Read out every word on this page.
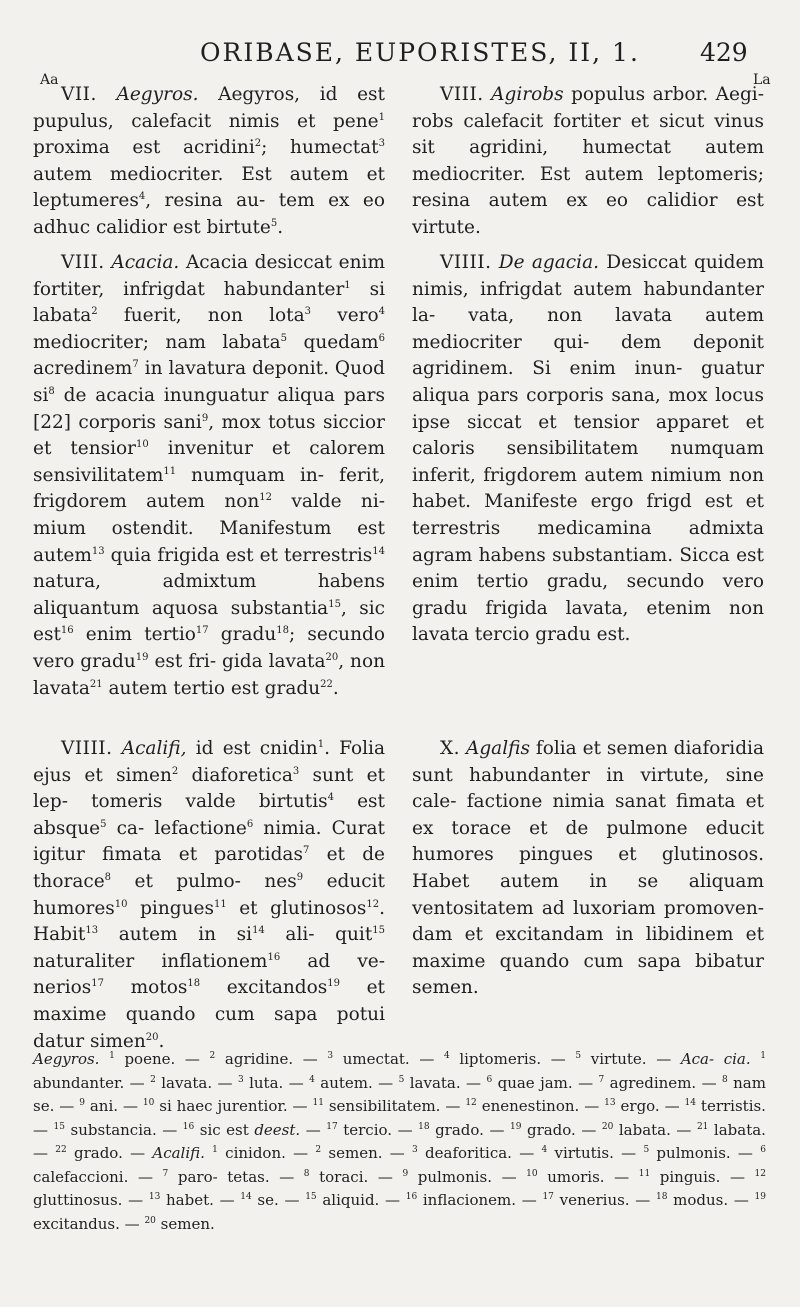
ORIBASE, EUPORISTES, II, 1. 429
Aa	La

VII. Aegyros. Aegyros, id est pupulus, calefacit nimis et pene$^1$ proxima est acridini$^2$; humectat$^3$ autem mediocriter. Est autem et leptumeres$^4$, resina au- tem ex eo adhuc calidior est birtute$^5$.

VIII. Acacia. Acacia desiccat enim fortiter, infrigdat habundanter$^1$ si labata$^2$ fuerit, non lota$^3$ vero$^4$ mediocriter; nam labata$^5$ quedam$^6$ acredinem$^7$ in lavatura deponit. Quod $si^8$ de acacia inunguatur aliqua pars [22] corporis sani$^9$, mox totus siccior et tensior$^{10}$ invenitur et calorem sensivilitatem$^{11}$ numquam in- ferit, frigdorem autem non$^{12}$ valde ni- mium ostendit. Manifestum est autem$^{13}$ quia frigida est et terrestris$^{14}$ natura,	admixtum habens aliquantum aquosa substantia$^{15}$, sic est$^{16}$ enim tertio$^{17}$ gradu$^{18}$; secundo vero gradu$^{19}$ est fri- gida lavata$^{20}$, non lavata$^{21}$ autem tertio est gradu$^{22}$.

VIIII. Acalifi, id est cnidin$^1$. Folia ejus et simen$^2$ diaforetica$^3$ sunt et lep- tomeris valde birtutis$^4$ est absque$^5$ ca- lefactione$^6$ nimia. Curat igitur fimata et parotidas$^7$ et de thorace$^8$ et pulmo- nes$^9$ educit humores$^{10}$ pingues$^{11}$ et glutinosos$^{12}$. Habit$^{13}$ autem in $si^{14}$ ali- quit$^{15}$ naturaliter inflationem$^{16}$ ad ve- nerios$^{17}$ motos$^{18}$ excitandos$^{19}$ et maxime quando cum sapa potui datur simen$^{20}$.

VIII. Agirobs populus arbor. Aegi- robs calefacit fortiter et sicut vinus sit agridini, humectat autem mediocriter. Est autem leptomeris; resina autem ex eo calidior est virtute.

VIIII. De agacia. Desiccat quidem nimis, infrigdat autem habundanter la- vata, non lavata autem mediocriter qui- dem deponit agridinem. Si enim inun- guatur aliqua pars corporis sana, mox locus ipse siccat et tensior apparet et caloris sensibilitatem numquam inferit, frigdorem autem nimium non habet. Manifeste ergo frigd est et terrestris medicamina admixta agram habens substantiam. Sicca est enim tertio gradu, secundo vero gradu frigida lavata, etenim non lavata tercio gradu est.

X. Agalfis folia et semen diaforidia sunt habundanter in virtute, sine cale- factione nimia sanat fimata et ex torace et de pulmone educit humores pingues et glutinosos. Habet autem in se aliquam ventositatem ad luxoriam promoven- dam et excitandam in libidinem et maxime quando cum sapa bibatur semen.

Aegyros. $^1$ poene. — $^2$ agridine. — $^3$ umectat. — $^4$ liptomeris. — $^5$ virtute. — Aca- cia. $^1$ abundanter. — $^2$ lavata. — $^3$ luta. — $^4$ autem. — $^5$ lavata. — $^6$ quae jam. — $^7$ agredinem. — $^8$ nam se. — $^9$ ani. — $^{10}$ si haec jurentior. — $^{11}$ sensibilitatem. — $^{12}$ enenestinon. — $^{13}$ ergo. — $^{14}$ terristis. — $^{15}$ substancia. — $^{16}$ sic est deest. — $^{17}$ tercio. — $^{18}$ grado. — $^{19}$ grado. — $^{20}$ labata. — $^{21}$ labata. — $^{22}$ grado. — Acalifi. $^1$ cinidon. — $^2$ semen. — $^3$ deaforitica. — $^4$ virtutis. — $^5$ pulmonis. — $^6$ calefaccioni. — $^7$ paro- tetas. — $^8$ toraci. — $^9$ pulmonis. — $^{10}$ umoris. — $^{11}$ pinguis. — $^{12}$ gluttinosus. — $^{13}$ habet. — $^{14}$ se. — $^{15}$ aliquid. — $^{16}$ inflacionem. — $^{17}$ venerius. — $^{18}$ modus. — $^{19}$ excitandus. — $^{20}$ semen.
